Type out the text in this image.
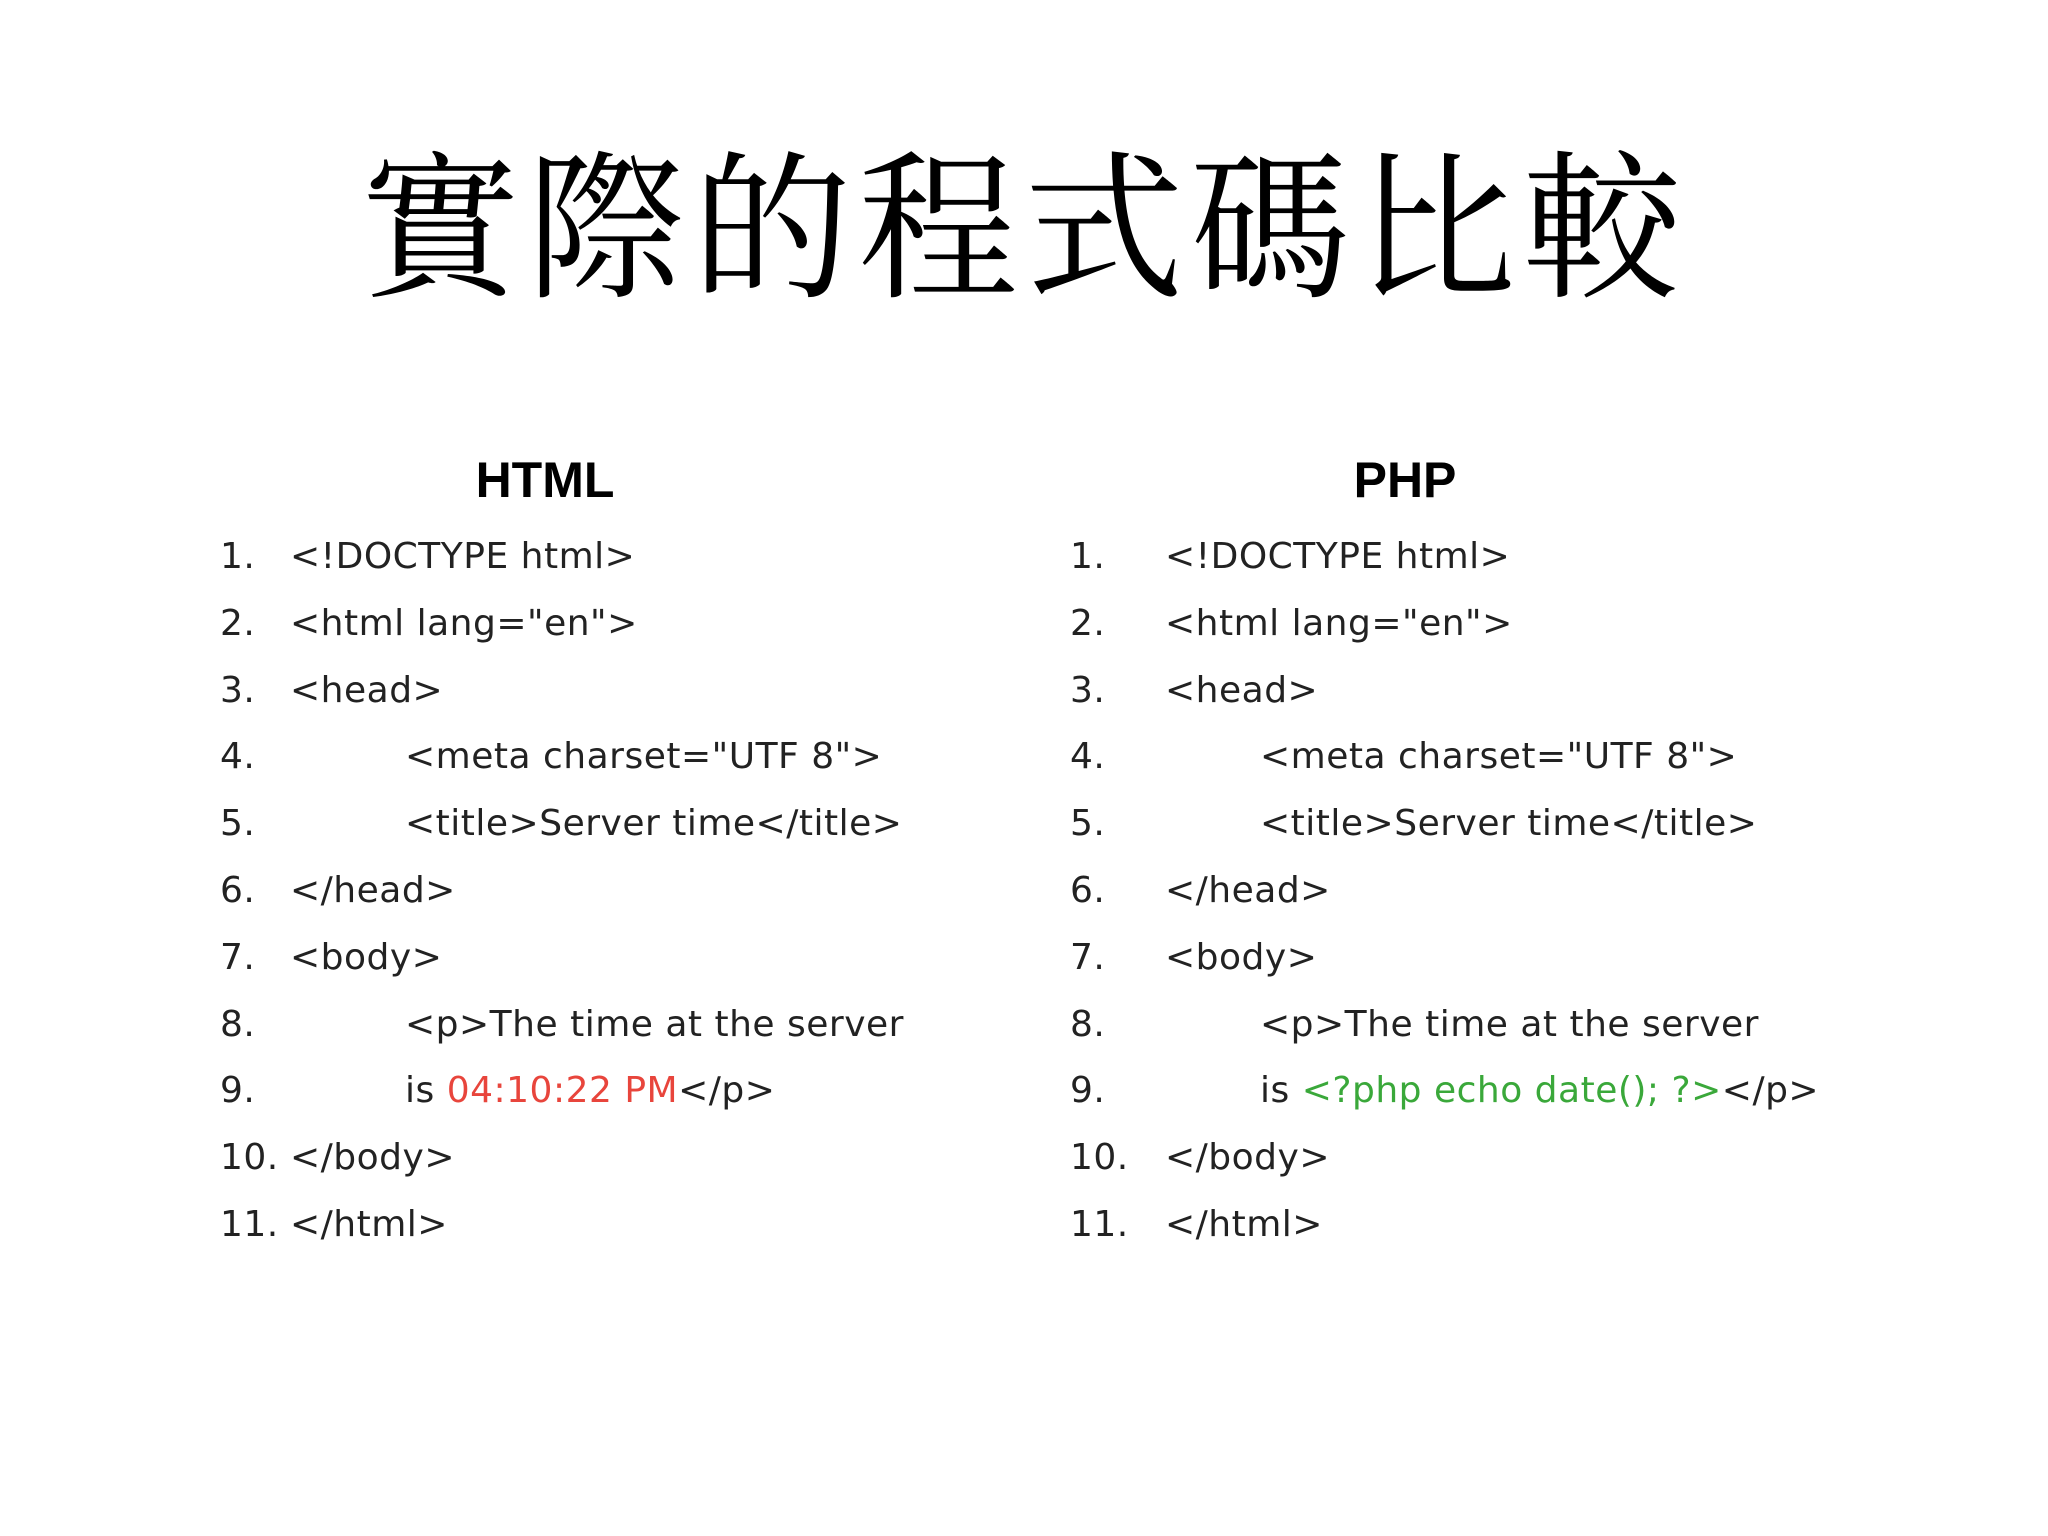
實際的程式碼比較
HTML
1. <!DOCTYPE html>
2. <html lang="en">
3. <head>
4.	<meta charset="UTF 8">
5.	<title>Server time</title>
6. </head>
7. <body>
8.	<p>The time at the server
9.	is 04:10:22 PM</p>
10. </body>
11. </html>
PHP
1. <!DOCTYPE html>
2. <html lang="en">
3. <head>
4.	<meta charset="UTF 8">
5.	<title>Server time</title>
6. </head>
7. <body>
8.	<p>The time at the server
9.	is <?php echo date(); ?></p>
10. </body>
11. </html>
